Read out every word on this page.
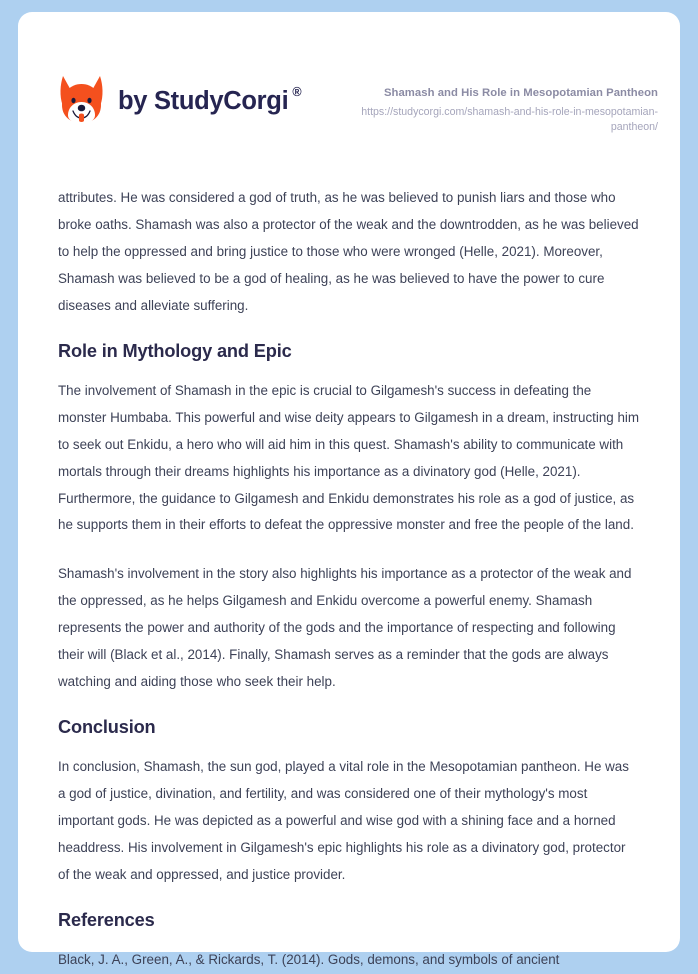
by StudyCorgi ®	Shamash and His Role in Mesopotamian Pantheon
https://studycorgi.com/shamash-and-his-role-in-mesopotamian-pantheon/

attributes. He was considered a god of truth, as he was believed to punish liars and those who broke oaths. Shamash was also a protector of the weak and the downtrodden, as he was believed to help the oppressed and bring justice to those who were wronged (Helle, 2021). Moreover, Shamash was believed to be a god of healing, as he was believed to have the power to cure diseases and alleviate suffering.

Role in Mythology and Epic

The involvement of Shamash in the epic is crucial to Gilgamesh's success in defeating the monster Humbaba. This powerful and wise deity appears to Gilgamesh in a dream, instructing him to seek out Enkidu, a hero who will aid him in this quest. Shamash's ability to communicate with mortals through their dreams highlights his importance as a divinatory god (Helle, 2021). Furthermore, the guidance to Gilgamesh and Enkidu demonstrates his role as a god of justice, as he supports them in their efforts to defeat the oppressive monster and free the people of the land.

Shamash's involvement in the story also highlights his importance as a protector of the weak and the oppressed, as he helps Gilgamesh and Enkidu overcome a powerful enemy. Shamash represents the power and authority of the gods and the importance of respecting and following their will (Black et al., 2014). Finally, Shamash serves as a reminder that the gods are always watching and aiding those who seek their help.

Conclusion

In conclusion, Shamash, the sun god, played a vital role in the Mesopotamian pantheon. He was a god of justice, divination, and fertility, and was considered one of their mythology's most important gods. He was depicted as a powerful and wise god with a shining face and a horned headdress. His involvement in Gilgamesh's epic highlights his role as a divinatory god, protector of the weak and oppressed, and justice provider.

References

Black, J. A., Green, A., & Rickards, T. (2014). Gods, demons, and symbols of ancient
